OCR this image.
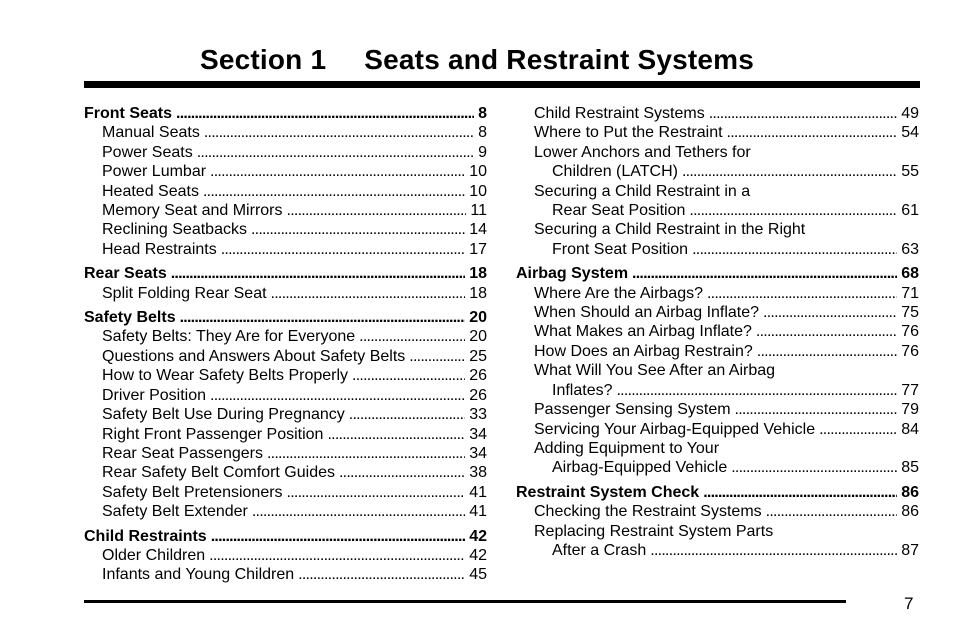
Section 1 Seats and Restraint Systems
Front Seats . . .	8
Manual Seats . . .	8
Power Seats . . .	9
Power Lumbar . . .	10
Heated Seats . . .	10
Memory Seat and Mirrors . . .	11
Reclining Seatbacks . . .	14
Head Restraints . . .	17
Rear Seats . . .	18
Split Folding Rear Seat . . .	18
Safety Belts . . .	20
Safety Belts: They Are for Everyone . . .	20
Questions and Answers About Safety Belts . . .	25
How to Wear Safety Belts Properly . . .	26
Driver Position . . .	26
Safety Belt Use During Pregnancy . . .	33
Right Front Passenger Position . . .	34
Rear Seat Passengers . . .	34
Rear Safety Belt Comfort Guides . . .	38
Safety Belt Pretensioners . . .	41
Safety Belt Extender . . .	41
Child Restraints . . .	42
Older Children . . .	42
Infants and Young Children . . .	45
Child Restraint Systems . . .	49
Where to Put the Restraint . . .	54
Lower Anchors and Tethers for
Children (LATCH) . . .	55
Securing a Child Restraint in a
Rear Seat Position . . .	61
Securing a Child Restraint in the Right
Front Seat Position . . .	63
Airbag System . . .	68
Where Are the Airbags? . . .	71
When Should an Airbag Inflate? . . .	75
What Makes an Airbag Inflate? . . .	76
How Does an Airbag Restrain? . . .	76
What Will You See After an Airbag
Inflates? . . .	77
Passenger Sensing System . . .	79
Servicing Your Airbag-Equipped Vehicle . . .	84
Adding Equipment to Your
Airbag-Equipped Vehicle . . .	85
Restraint System Check . . .	86
Checking the Restraint Systems . . .	86
Replacing Restraint System Parts
After a Crash . . .	87
7
